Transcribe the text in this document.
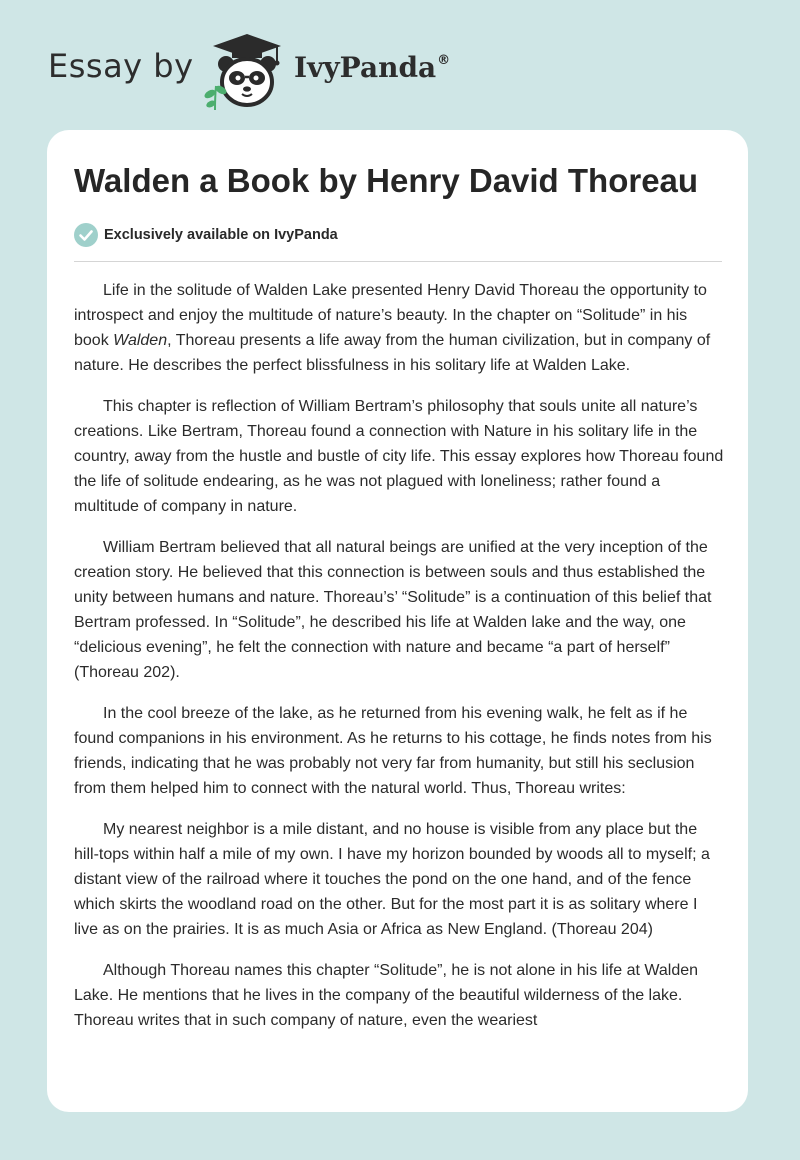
Essay by	IvyPanda®
Walden a Book by Henry David Thoreau
Exclusively available on IvyPanda

Life in the solitude of Walden Lake presented Henry David Thoreau the opportunity to introspect and enjoy the multitude of nature’s beauty. In the chapter on “Solitude” in his book Walden, Thoreau presents a life away from the human civilization, but in company of nature. He describes the perfect blissfulness in his solitary life at Walden Lake.

This chapter is reflection of William Bertram’s philosophy that souls unite all nature’s creations. Like Bertram, Thoreau found a connection with Nature in his solitary life in the country, away from the hustle and bustle of city life. This essay explores how Thoreau found the life of solitude endearing, as he was not plagued with loneliness; rather found a multitude of company in nature.

William Bertram believed that all natural beings are unified at the very inception of the creation story. He believed that this connection is between souls and thus established the unity between humans and nature. Thoreau’s’ “Solitude” is a continuation of this belief that Bertram professed. In “Solitude”, he described his life at Walden lake and the way, one “delicious evening”, he felt the connection with nature and became “a part of herself” (Thoreau 202).

In the cool breeze of the lake, as he returned from his evening walk, he felt as if he found companions in his environment. As he returns to his cottage, he finds notes from his friends, indicating that he was probably not very far from humanity, but still his seclusion from them helped him to connect with the natural world. Thus, Thoreau writes:

My nearest neighbor is a mile distant, and no house is visible from any place but the hill-tops within half a mile of my own. I have my horizon bounded by woods all to myself; a distant view of the railroad where it touches the pond on the one hand, and of the fence which skirts the woodland road on the other. But for the most part it is as solitary where I live as on the prairies. It is as much Asia or Africa as New England. (Thoreau 204)

Although Thoreau names this chapter “Solitude”, he is not alone in his life at Walden Lake. He mentions that he lives in the company of the beautiful wilderness of the lake. Thoreau writes that in such company of nature, even the weariest
